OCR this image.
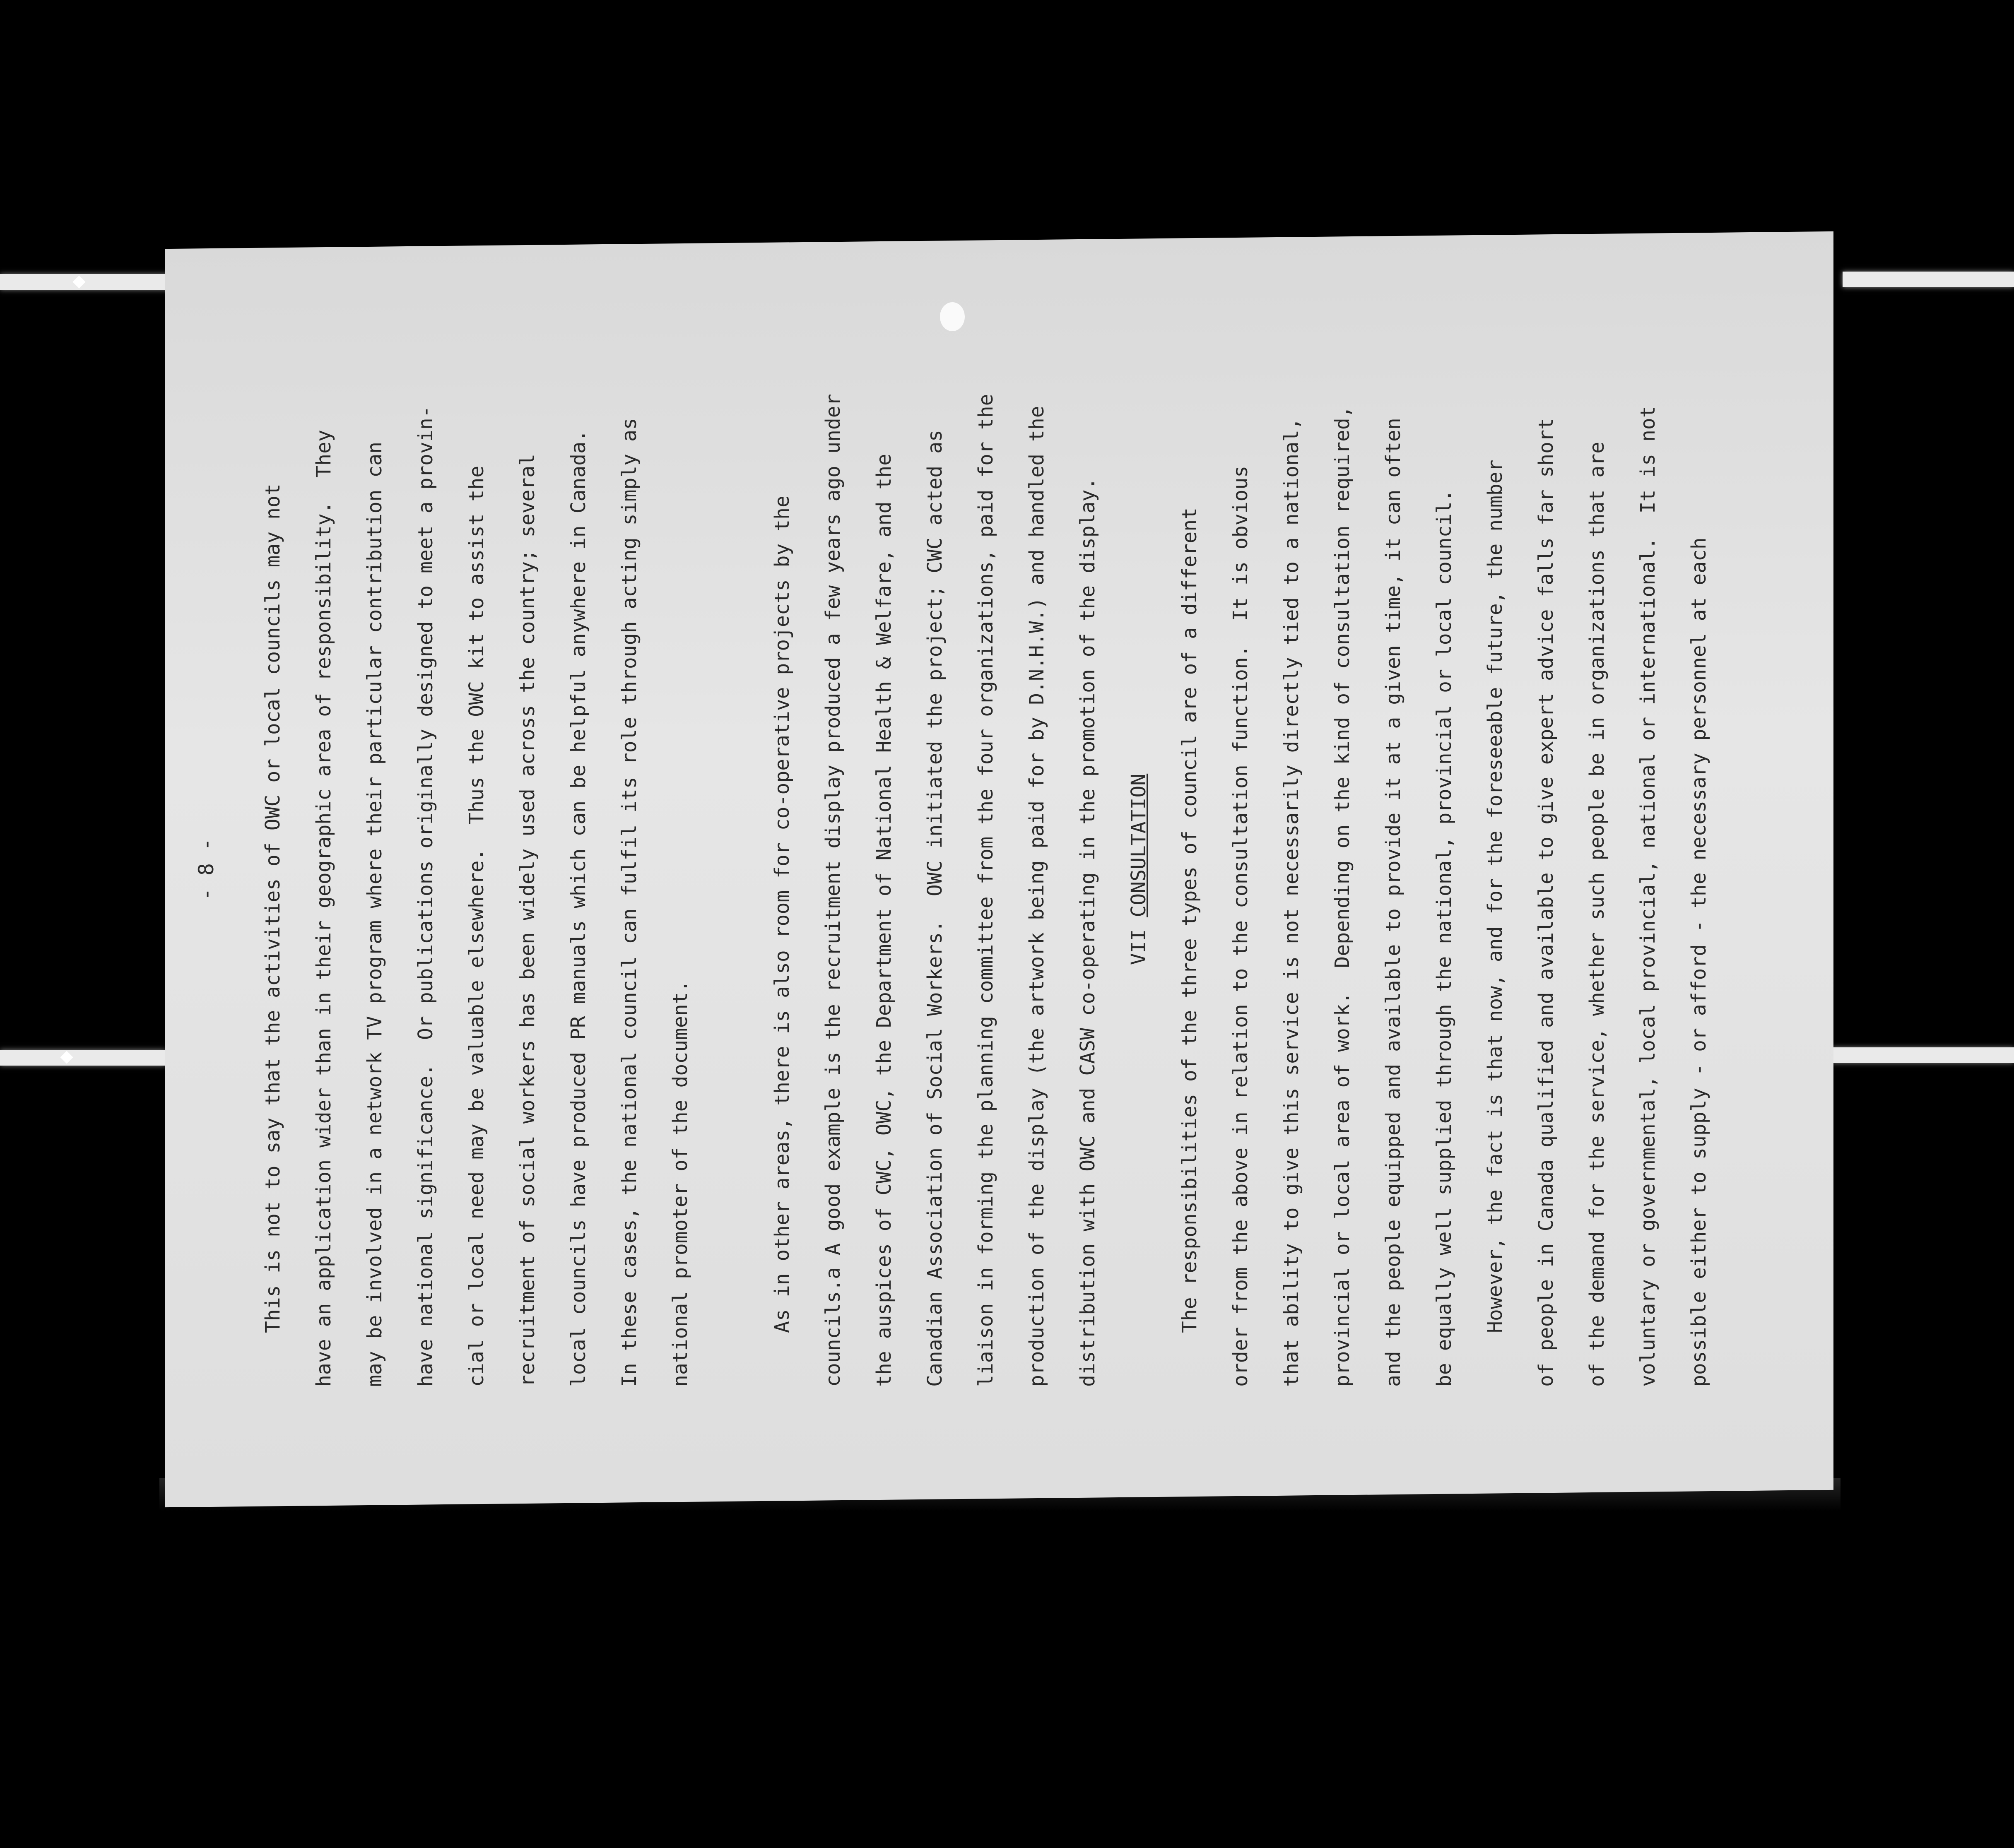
- 8 -	This is not to say that the activities of OWC or local councils may not	have an application wider than in their geographic area of responsibility.  They	may be involved in a network TV program where their particular contribution can	have national significance.  Or publications originally designed to meet a provin-	cial or local need may be valuable elsewhere.  Thus the OWC kit to assist the	recruitment of social workers has been widely used across the country; several	local councils have produced PR manuals which can be helpful anywhere in Canada.	In these cases, the national council can fulfil its role through acting simply as	national promoter of the document.	As in other areas, there is also room for co-operative projects by the	councils.a A good example is the recruitment display produced a few years ago under	the auspices of CWC, OWC, the Department of National Health & Welfare, and the	Canadian Association of Social Workers.  OWC initiated the project; CWC acted as	liaison in forming the planning committee from the four organizations, paid for the	production of the display (the artwork being paid for by D.N.H.W.) and handled the	distribution with OWC and CASW co-operating in the promotion of the display.	VII CONSULTATION	The responsibilities of the three types of council are of a different	order from the above in relation to the consultation function.  It is obvious	that ability to give this service is not necessarily directly tied to a national,	provincial or local area of work.  Depending on the kind of consultation required,	and the people equipped and available to provide it at a given time, it can often	be equally well supplied through the national, provincial or local council.	However, the fact is that now, and for the foreseeable future, the number	of people in Canada qualified and available to give expert advice falls far short	of the demand for the service, whether such people be in organizations that are	voluntary or governmental, local provincial, national or international.  It is not	possible either to supply - or afford - the necessary personnel at each
